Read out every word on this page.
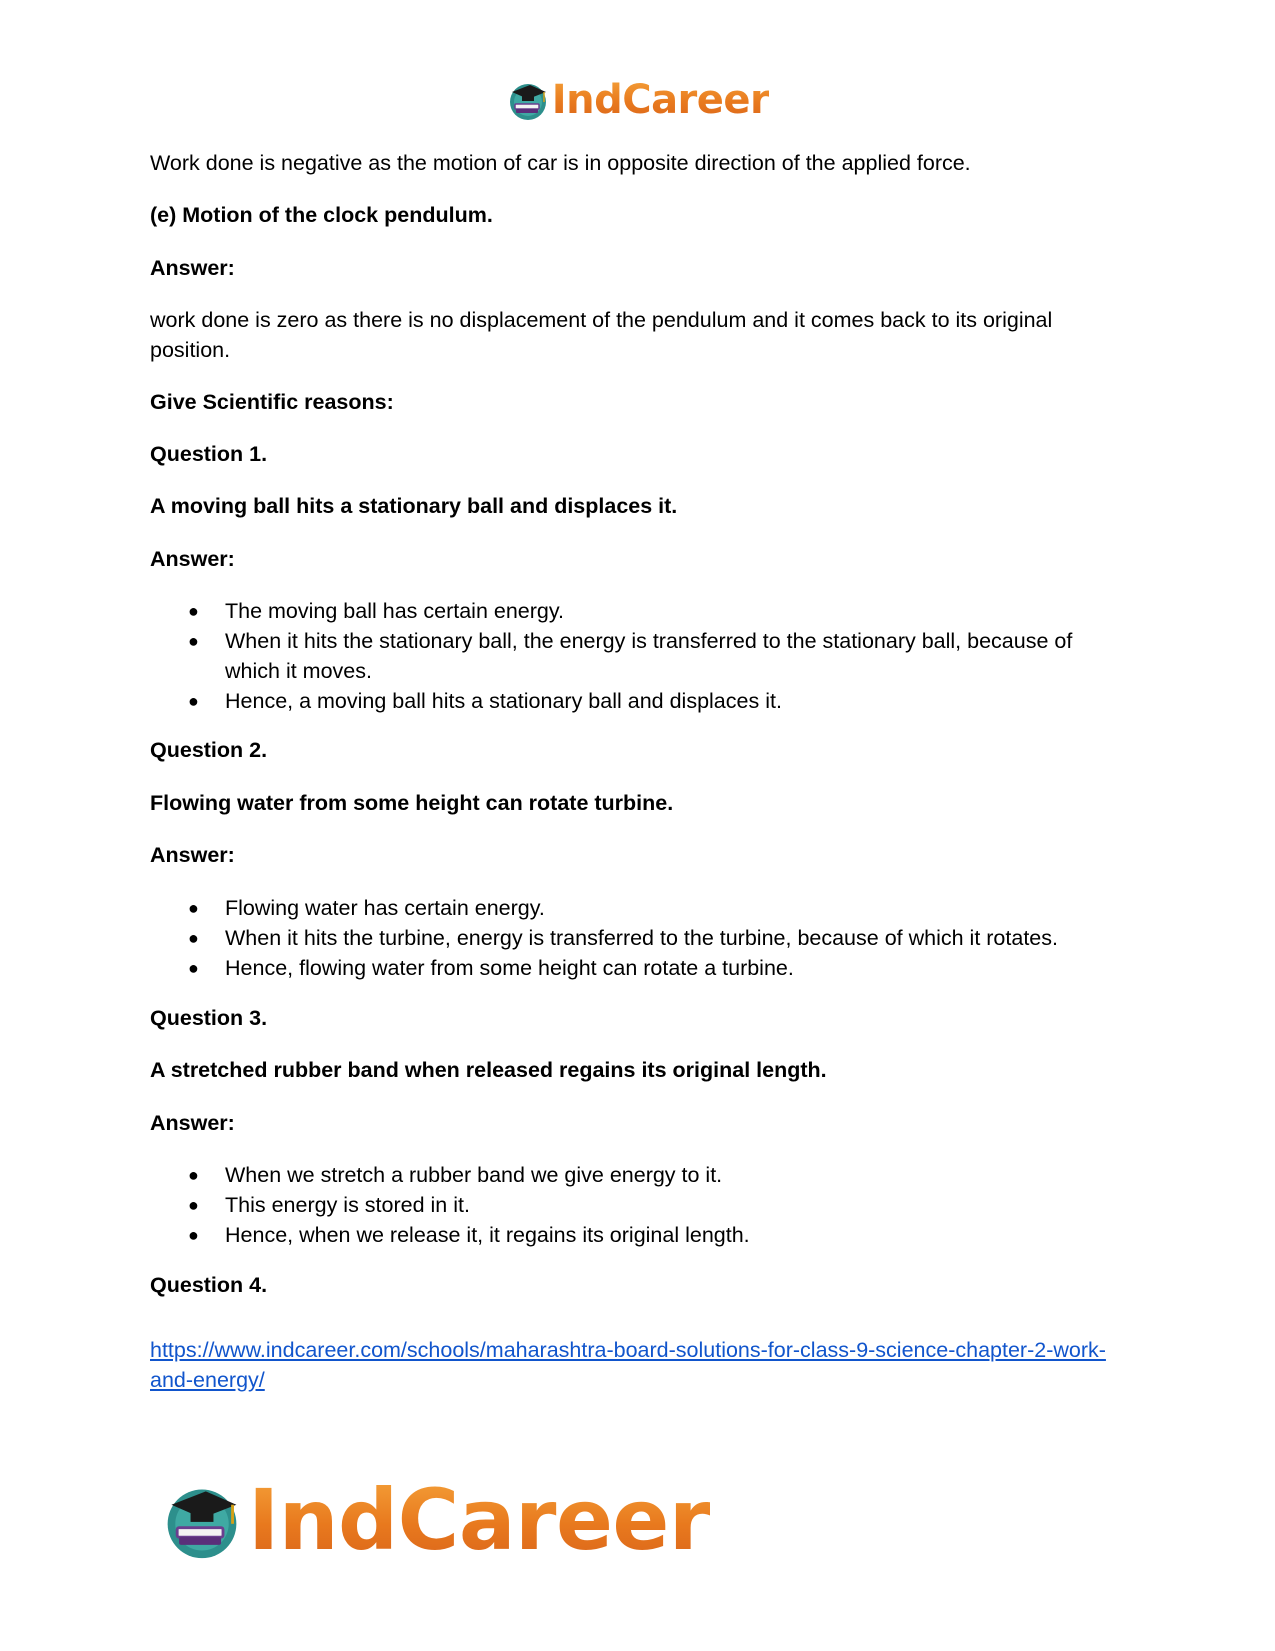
IndCareer

Work done is negative as the motion of car is in opposite direction of the applied force.

(e) Motion of the clock pendulum.

Answer:

work done is zero as there is no displacement of the pendulum and it comes back to its original position.

Give Scientific reasons:

Question 1.

A moving ball hits a stationary ball and displaces it.

Answer:

● The moving ball has certain energy.
● When it hits the stationary ball, the energy is transferred to the stationary ball, because of which it moves.
● Hence, a moving ball hits a stationary ball and displaces it.

Question 2.

Flowing water from some height can rotate turbine.

Answer:

● Flowing water has certain energy.
● When it hits the turbine, energy is transferred to the turbine, because of which it rotates.
● Hence, flowing water from some height can rotate a turbine.

Question 3.

A stretched rubber band when released regains its original length.

Answer:

● When we stretch a rubber band we give energy to it.
● This energy is stored in it.
● Hence, when we release it, it regains its original length.

Question 4.

https://www.indcareer.com/schools/maharashtra-board-solutions-for-class-9-science-chapter-2-work-and-energy/

IndCareer
